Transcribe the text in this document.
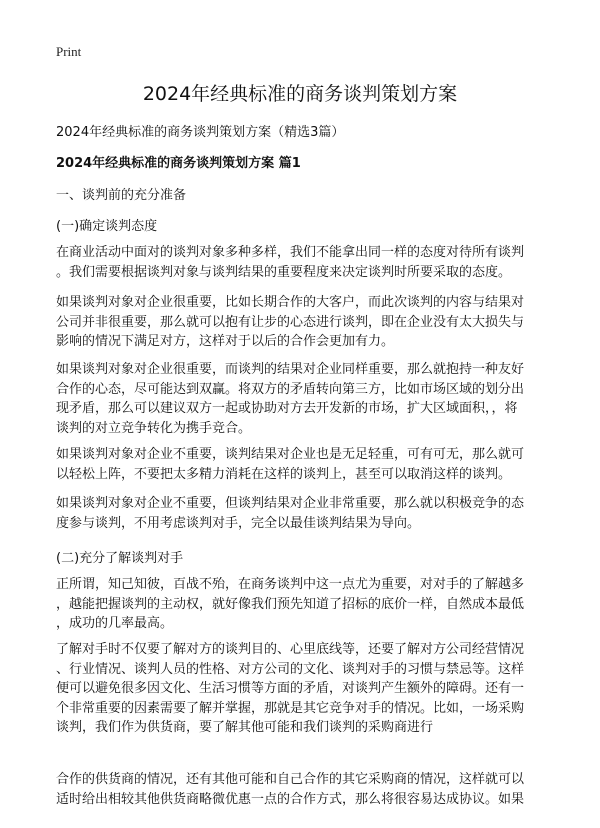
Print
2024年经典标准的商务谈判策划方案
2024年经典标准的商务谈判策划方案（精选3篇）
2024年经典标准的商务谈判策划方案 篇1
一、谈判前的充分准备
(一)确定谈判态度

在商业活动中面对的谈判对象多种多样，我们不能拿出同一样的态度对待所有谈判
。我们需要根据谈判对象与谈判结果的重要程度来决定谈判时所要采取的态度。

如果谈判对象对企业很重要，比如长期合作的大客户，而此次谈判的内容与结果对
公司并非很重要，那么就可以抱有让步的心态进行谈判，即在企业没有太大损失与
影响的情况下满足对方，这样对于以后的合作会更加有力。

如果谈判对象对企业很重要，而谈判的结果对企业同样重要，那么就抱持一种友好
合作的心态，尽可能达到双赢。将双方的矛盾转向第三方，比如市场区域的划分出
现矛盾，那么可以建议双方一起或协助对方去开发新的市场，扩大区域面积，，将
谈判的对立竞争转化为携手竞合。

如果谈判对象对企业不重要，谈判结果对企业也是无足轻重，可有可无，那么就可
以轻松上阵，不要把太多精力消耗在这样的谈判上，甚至可以取消这样的谈判。

如果谈判对象对企业不重要，但谈判结果对企业非常重要，那么就以积极竞争的态
度参与谈判，不用考虑谈判对手，完全以最佳谈判结果为导向。

(二)充分了解谈判对手

正所谓，知己知彼，百战不殆，在商务谈判中这一点尤为重要，对对手的了解越多
，越能把握谈判的主动权，就好像我们预先知道了招标的底价一样，自然成本最低
，成功的几率最高。

了解对手时不仅要了解对方的谈判目的、心里底线等，还要了解对方公司经营情况
、行业情况、谈判人员的性格、对方公司的文化、谈判对手的习惯与禁忌等。这样
便可以避免很多因文化、生活习惯等方面的矛盾，对谈判产生额外的障碍。还有一
个非常重要的因素需要了解并掌握，那就是其它竞争对手的情况。比如，一场采购
谈判，我们作为供货商，要了解其他可能和我们谈判的采购商进行

合作的供货商的情况，还有其他可能和自己合作的其它采购商的情况，这样就可以
适时给出相较其他供货商略微优惠一点的合作方式，那么将很容易达成协议。如果
